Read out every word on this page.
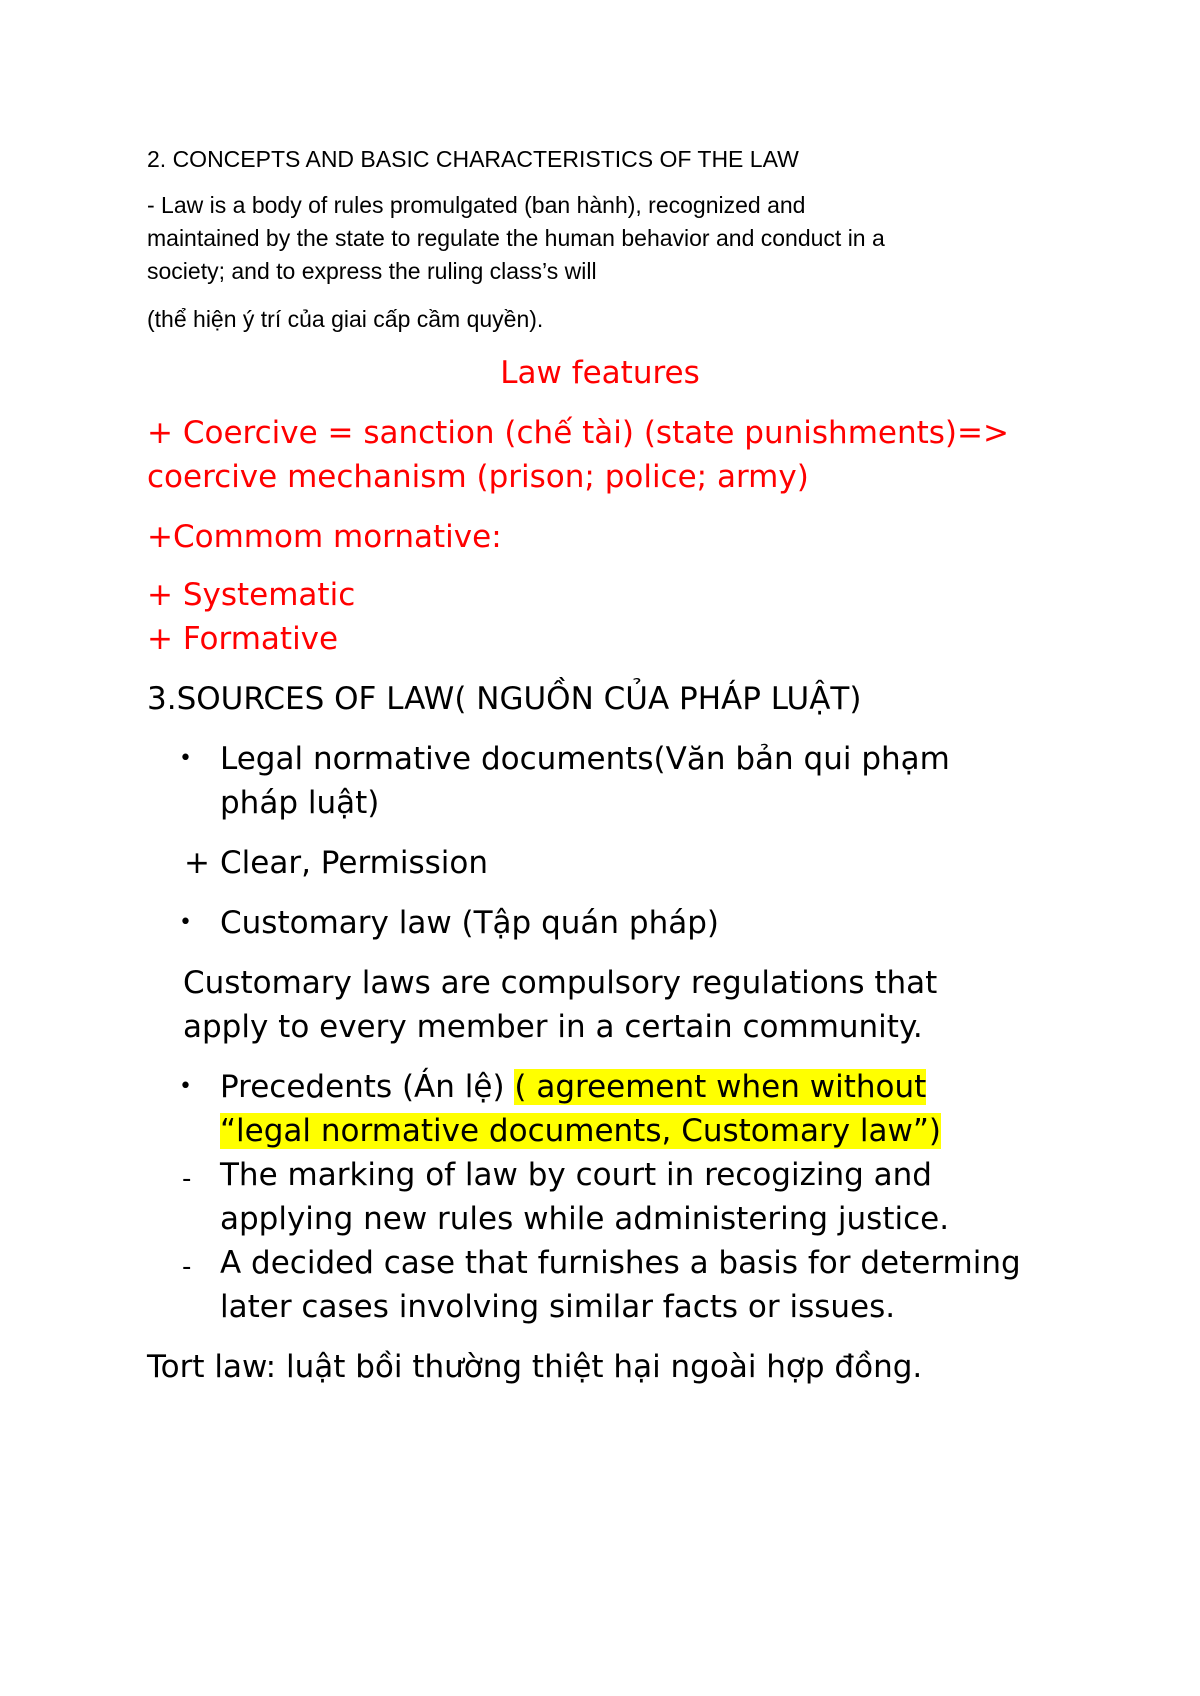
2. CONCEPTS AND BASIC CHARACTERISTICS OF THE LAW
- Law is a body of rules promulgated (ban hành), recognized and
maintained by the state to regulate the human behavior and conduct in a
society; and to express the ruling class’s will
(thể hiện ý trí của giai cấp cầm quyền).
Law features
+ Coercive = sanction (chế tài) (state punishments)=>
coercive mechanism (prison; police; army)
+Commom mornative:
+ Systematic
+ Formative
3.SOURCES OF LAW( NGUỒN CỦA PHÁP LUẬT)
• Legal normative documents(Văn bản qui phạm
pháp luật)
+ Clear, Permission
• Customary law (Tập quán pháp)
Customary laws are compulsory regulations that
apply to every member in a certain community.
• Precedents (Án lệ) ( agreement when without
“legal normative documents, Customary law”)
- The marking of law by court in recogizing and
applying new rules while administering justice.
- A decided case that furnishes a basis for determing
later cases involving similar facts or issues.
Tort law: luật bồi thường thiệt hại ngoài hợp đồng.
